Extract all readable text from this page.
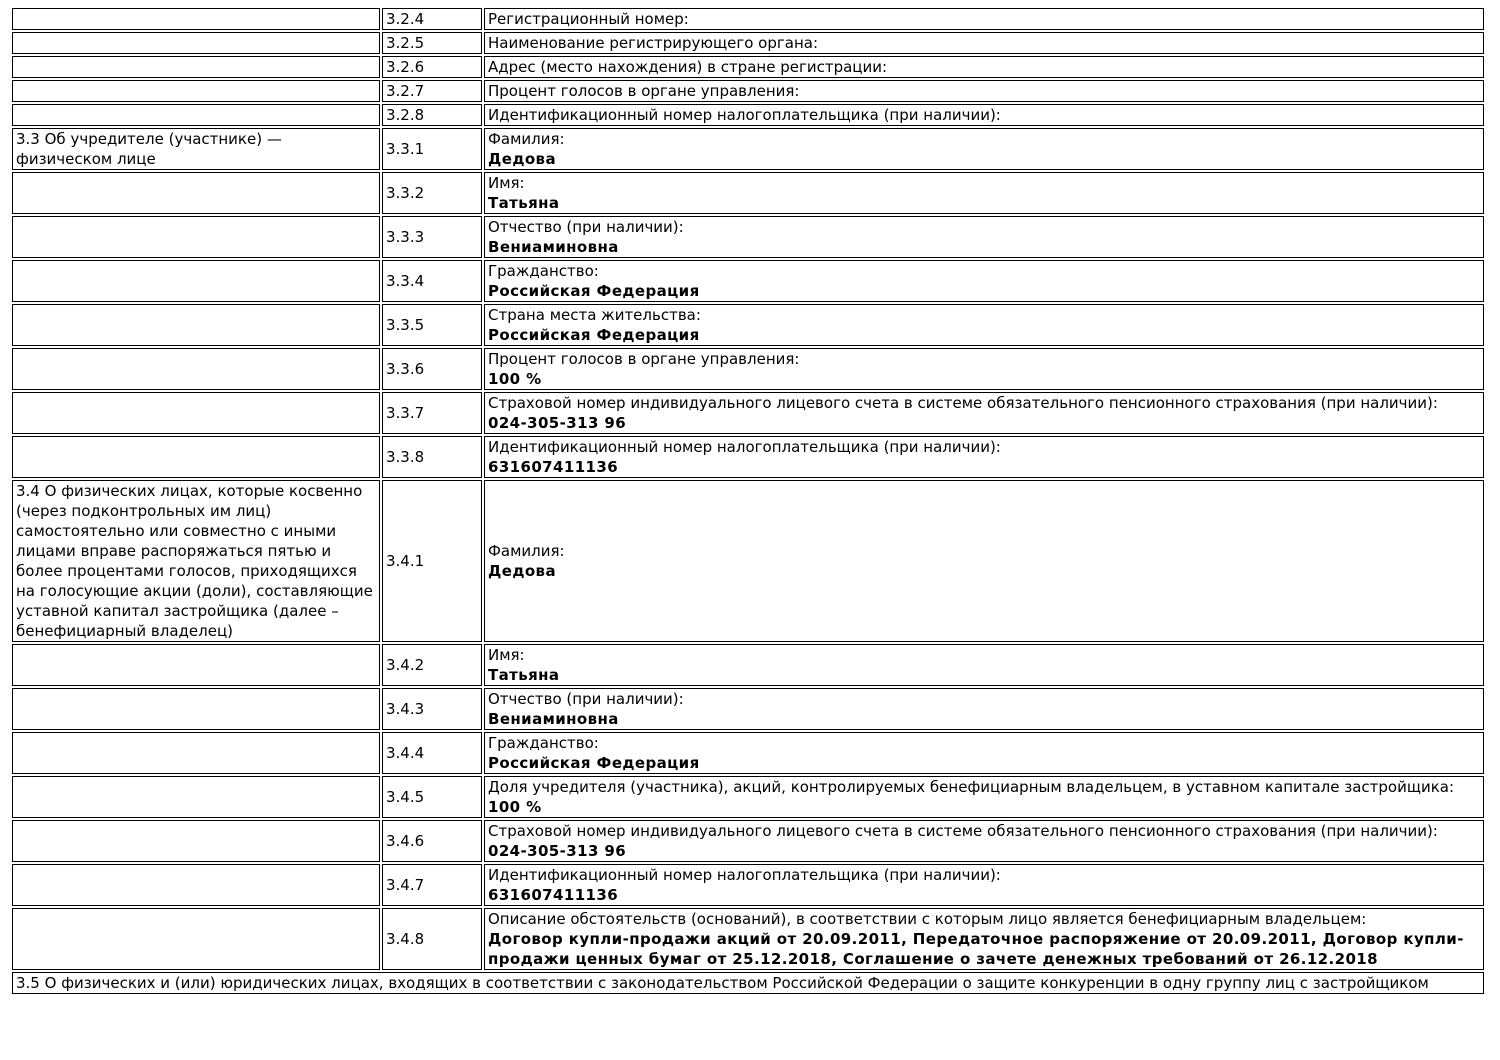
	3.2.4	Регистрационный номер:

	3.2.5	Наименование регистрирующего органа:

	3.2.6	Адрес (место нахождения) в стране регистрации:

	3.2.7	Процент голосов в органе управления:

	3.2.8	Идентификационный номер налогоплательщика (при наличии):

3.3 Об учредителе (участнике) — физическом лице	3.3.1	Фамилия:
Дедова

	3.3.2	Имя:
Татьяна

	3.3.3	Отчество (при наличии):
Вениаминовна

	3.3.4	Гражданство:
Российская Федерация

	3.3.5	Страна места жительства:
Российская Федерация

	3.3.6	Процент голосов в органе управления:
100 %

	3.3.7	Страховой номер индивидуального лицевого счета в системе обязательного пенсионного страхования (при наличии):
024-305-313 96

	3.3.8	Идентификационный номер налогоплательщика (при наличии):
631607411136

3.4 О физических лицах, которые косвенно (через подконтрольных им лиц) самостоятельно или совместно с иными лицами вправе распоряжаться пятью и более процентами голосов, приходящихся на голосующие акции (доли), составляющие уставной капитал застройщика (далее – бенефициарный владелец)	3.4.1	Фамилия:
Дедова

	3.4.2	Имя:
Татьяна

	3.4.3	Отчество (при наличии):
Вениаминовна

	3.4.4	Гражданство:
Российская Федерация

	3.4.5	Доля учредителя (участника), акций, контролируемых бенефициарным владельцем, в уставном капитале застройщика:
100 %

	3.4.6	Страховой номер индивидуального лицевого счета в системе обязательного пенсионного страхования (при наличии):
024-305-313 96

	3.4.7	Идентификационный номер налогоплательщика (при наличии):
631607411136

	3.4.8	Описание обстоятельств (оснований), в соответствии с которым лицо является бенефициарным владельцем:
Договор купли-продажи акций от 20.09.2011, Передаточное распоряжение от 20.09.2011, Договор купли-продажи ценных бумаг от 25.12.2018, Соглашение о зачете денежных требований от 26.12.2018

3.5 О физических и (или) юридических лицах, входящих в соответствии с законодательством Российской Федерации о защите конкуренции в одну группу лиц с застройщиком		
